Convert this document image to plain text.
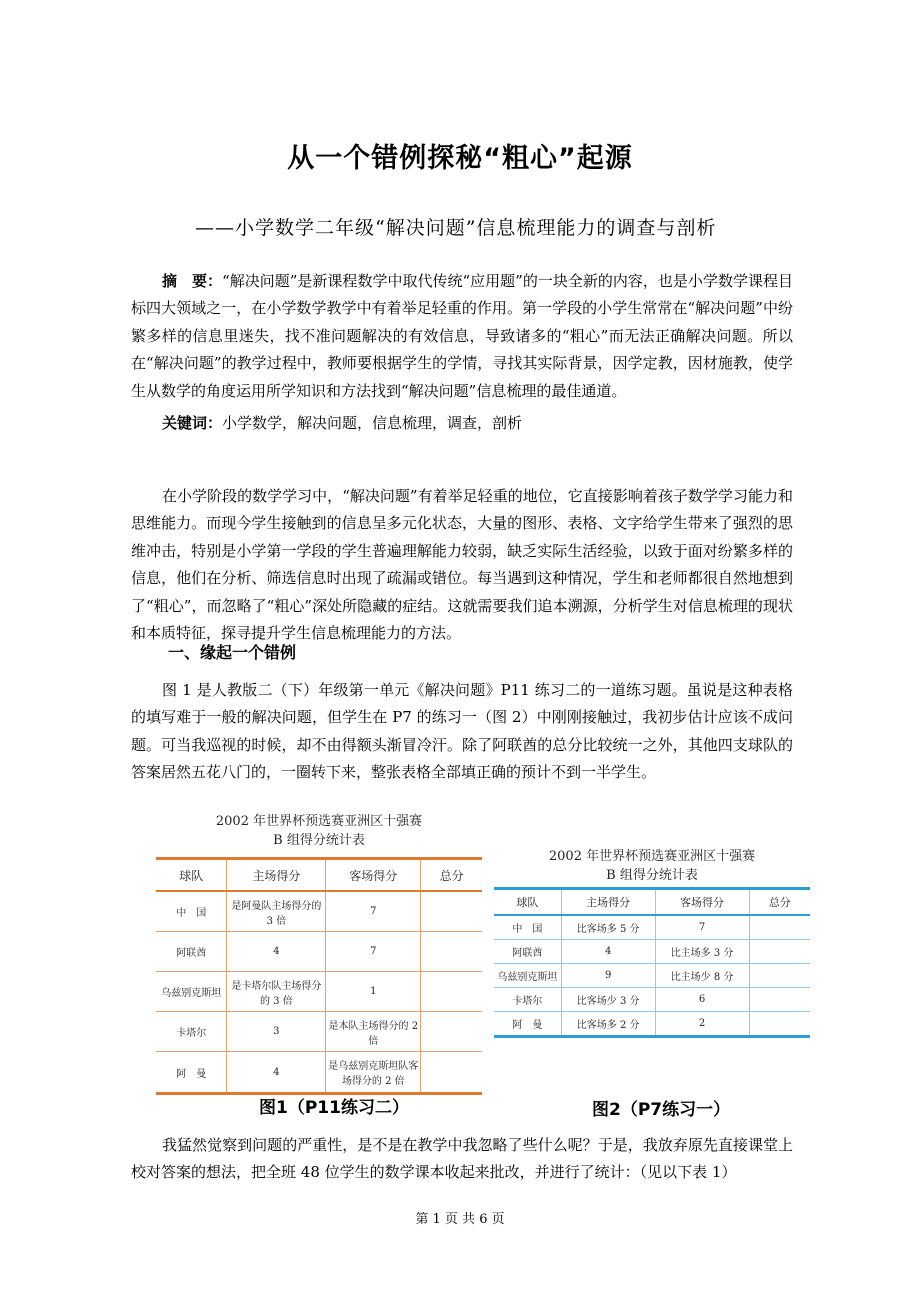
从一个错例探秘“粗心”起源
——小学数学二年级“解决问题”信息梳理能力的调查与剖析

摘　要：“解决问题”是新课程数学中取代传统“应用题”的一块全新的内容，也是小学数学课程目标四大领域之一，在小学数学教学中有着举足轻重的作用。第一学段的小学生常常在“解决问题”中纷繁多样的信息里迷失，找不准问题解决的有效信息，导致诸多的“粗心”而无法正确解决问题。所以在“解决问题”的教学过程中，教师要根据学生的学情，寻找其实际背景，因学定教，因材施教，使学生从数学的角度运用所学知识和方法找到“解决问题”信息梳理的最佳通道。

关键词：小学数学，解决问题，信息梳理，调查，剖析

在小学阶段的数学学习中，“解决问题”有着举足轻重的地位，它直接影响着孩子数学学习能力和思维能力。而现今学生接触到的信息呈多元化状态，大量的图形、表格、文字给学生带来了强烈的思维冲击，特别是小学第一学段的学生普遍理解能力较弱，缺乏实际生活经验，以致于面对纷繁多样的信息，他们在分析、筛选信息时出现了疏漏或错位。每当遇到这种情况，学生和老师都很自然地想到了“粗心”，而忽略了“粗心”深处所隐藏的症结。这就需要我们追本溯源，分析学生对信息梳理的现状和本质特征，探寻提升学生信息梳理能力的方法。

一、缘起一个错例

图 1 是人教版二（下）年级第一单元《解决问题》P11 练习二的一道练习题。虽说是这种表格的填写难于一般的解决问题，但学生在 P7 的练习一（图 2）中刚刚接触过，我初步估计应该不成问题。可当我巡视的时候，却不由得额头渐冒冷汗。除了阿联酋的总分比较统一之外，其他四支球队的答案居然五花八门的，一圈转下来，整张表格全部填正确的预计不到一半学生。

2002 年世界杯预选赛亚洲区十强赛
B 组得分统计表
球队	主场得分	客场得分	总分
中　国	是阿曼队主场得分的 3 倍	7	
阿联酋	4	7	
乌兹别克斯坦	是卡塔尔队主场得分的 3 倍	1	
卡塔尔	3	是本队主场得分的 2 倍	
阿　曼	4	是乌兹别克斯坦队客场得分的 2 倍	
图1（P11练习二）
2002 年世界杯预选赛亚洲区十强赛
B 组得分统计表
球队	主场得分	客场得分	总分
中　国	比客场多 5 分	7	
阿联酋	4	比主场多 3 分	
乌兹别克斯坦	9	比主场少 8 分	
卡塔尔	比客场少 3 分	6	
阿　曼	比客场多 2 分	2	
图2（P7练习一）

我猛然觉察到问题的严重性，是不是在教学中我忽略了些什么呢？于是，我放弃原先直接课堂上校对答案的想法，把全班 48 位学生的数学课本收起来批改，并进行了统计：（见以下表 1）

第 1 页 共 6 页
